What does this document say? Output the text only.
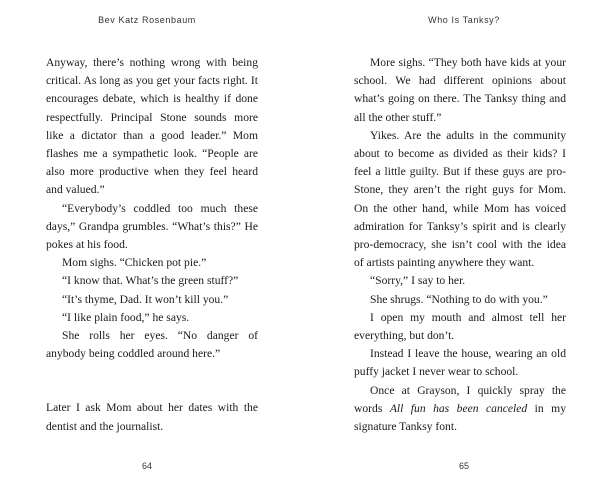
Bev Katz Rosenbaum

Anyway, there’s nothing wrong with being critical. As long as you get your facts right. It encourages debate, which is healthy if done respectfully. Principal Stone sounds more like a dictator than a good leader.” Mom flashes me a sympathetic look. “People are also more productive when they feel heard and valued.”

“Everybody’s coddled too much these days,” Grandpa grumbles. “What’s this?” He pokes at his food.

Mom sighs. “Chicken pot pie.”

“I know that. What’s the green stuff?”

“It’s thyme, Dad. It won’t kill you.”

“I like plain food,” he says.

She rolls her eyes. “No danger of anybody being coddled around here.”

Later I ask Mom about her dates with the dentist and the journalist.

64
Who Is Tanksy?

More sighs. “They both have kids at your school. We had different opinions about what’s going on there. The Tanksy thing and all the other stuff.”

Yikes. Are the adults in the community about to become as divided as their kids? I feel a little guilty. But if these guys are pro-Stone, they aren’t the right guys for Mom. On the other hand, while Mom has voiced admiration for Tanksy’s spirit and is clearly pro-democracy, she isn’t cool with the idea of artists painting anywhere they want.

“Sorry,” I say to her.

She shrugs. “Nothing to do with you.”

I open my mouth and almost tell her everything, but don’t.

Instead I leave the house, wearing an old puffy jacket I never wear to school.

Once at Grayson, I quickly spray the words All fun has been canceled in my signature Tanksy font.

65
